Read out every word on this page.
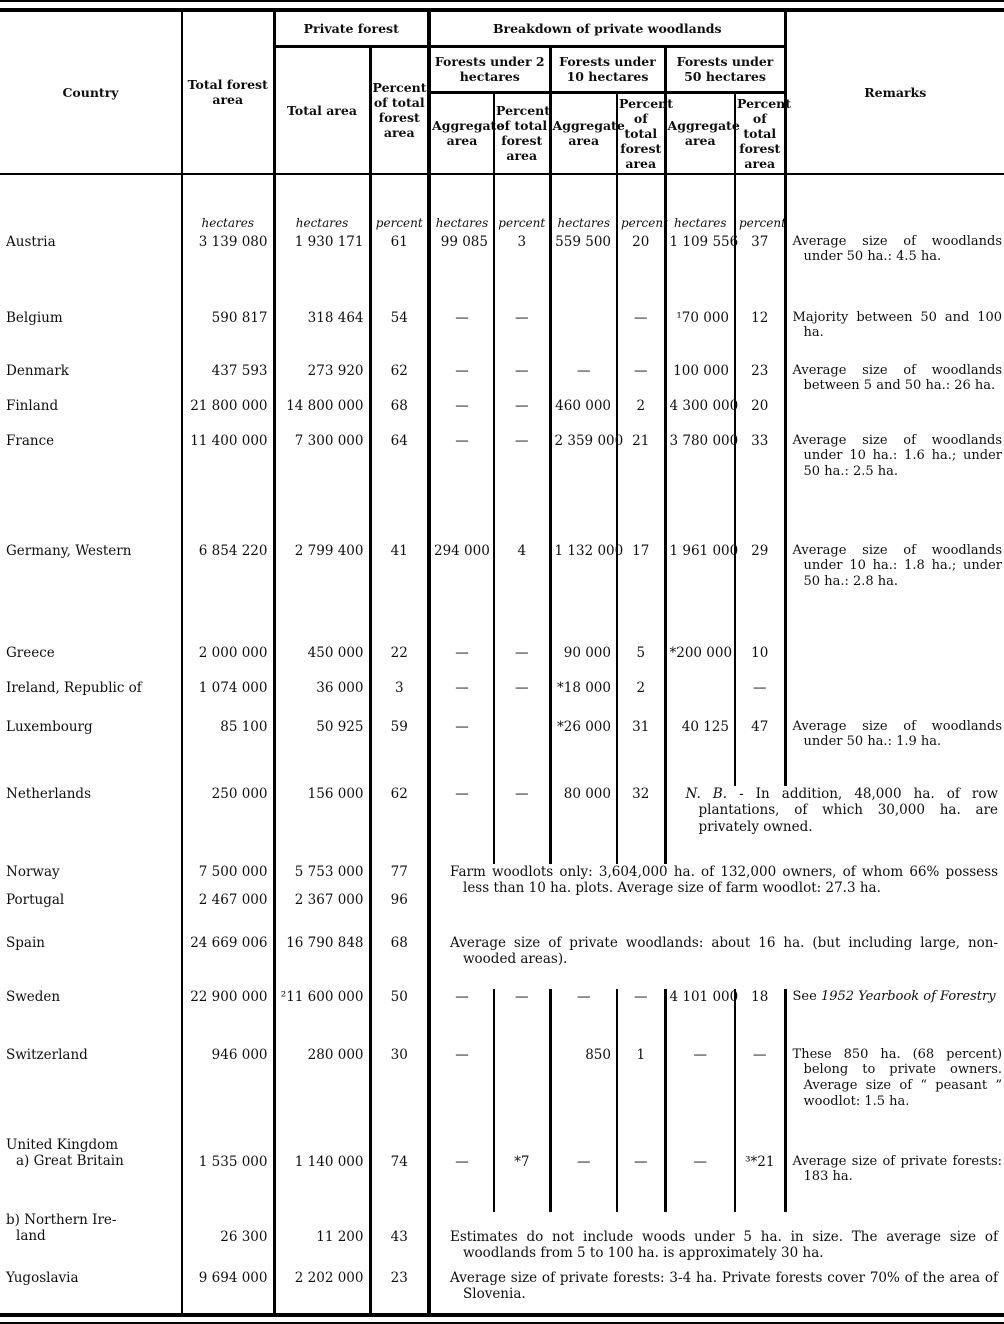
Country	Total forest area	Private forest		Breakdown of private woodlands						Remarks
		Total area	Percent of total forest area	Forests under 2 hectares		Forests under 10 hectares		Forests under 50 hectares		
				Aggregate area	Percent of total forest area	Aggregate area	Percent of total forest area	Aggregate area	Percent of total forest area	
	hectares	hectares	percent	hectares	percent	hectares	percent	hectares	percent	
Austria	3 139 080	1 930 171	61	99 085	3	559 500	20	1 109 556	37	Average size of woodlands under 50 ha.: 4.5 ha.
Belgium	590 817	318 464	54	—	—		—	¹70 000	12	Majority between 50 and 100 ha.
Denmark	437 593	273 920	62	—	—	—	—	100 000	23	Average size of woodlands between 5 and 50 ha.: 26 ha.
Finland	21 800 000	14 800 000	68	—	—	460 000	2	4 300 000	20	
France	11 400 000	7 300 000	64	—	—	2 359 000	21	3 780 000	33	Average size of woodlands under 10 ha.: 1.6 ha.; under 50 ha.: 2.5 ha.
Germany, Western	6 854 220	2 799 400	41	294 000	4	1 132 000	17	1 961 000	29	Average size of woodlands under 10 ha.: 1.8 ha.; under 50 ha.: 2.8 ha.
Greece	2 000 000	450 000	22	—	—	90 000	5	*200 000	10	
Ireland, Republic of	1 074 000	36 000	3	—	—	*18 000	2		—	
Luxembourg	85 100	50 925	59	—		*26 000	31	40 125	47	Average size of woodlands under 50 ha.: 1.9 ha.
Netherlands	250 000	156 000	62	—	—	80 000	32	N. B. - In addition, 48,000 ha. of row plantations, of which 30,000 ha. are privately owned.		
Norway	7 500 000	5 753 000	77	Farm woodlots only: 3,604,000 ha. of 132,000 owners, of whom 66% possess less than 10 ha. plots. Average size of farm woodlot: 27.3 ha.						
Portugal	2 467 000	2 367 000	96							
Spain	24 669 006	16 790 848	68	Average size of private woodlands: about 16 ha. (but including large, non-wooded areas).						
Sweden	22 900 000	²11 600 000	50	—	—	—	—	4 101 000	18	See 1952 Yearbook of Forestry
Switzerland	946 000	280 000	30	—		850	1	—	—	These 850 ha. (68 percent) belong to private owners. Average size of “ peasant ” woodlot: 1.5 ha.

United Kingdom
a) Great Britain	1 535 000	1 140 000	74	—	*7	—	—	—	³*21	Average size of private forests: 183 ha.

b) Northern Ire-
land	26 300	11 200	43	Estimates do not include woods under 5 ha. in size. The average size of woodlands from 5 to 100 ha. is approximately 30 ha.						
Yugoslavia	9 694 000	2 202 000	23	Average size of private forests: 3-4 ha. Private forests cover 70% of the area of Slovenia.						
